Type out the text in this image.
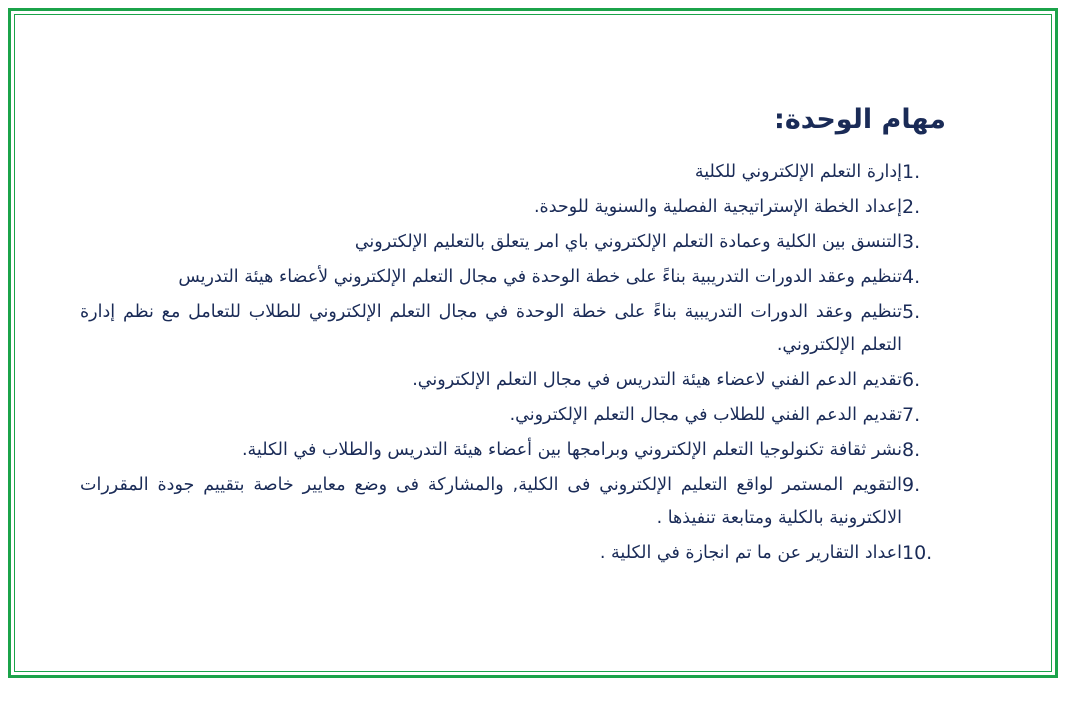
مهام الوحدة:
1.
إدارة التعلم الإلكتروني للكلية
2.
إعداد الخطة الإستراتيجية الفصلية والسنوية للوحدة.
3.
التنسق بين الكلية وعمادة التعلم الإلكتروني باي امر يتعلق بالتعليم الإلكتروني
4.
تنظيم وعقد الدورات التدريبية بناءً على خطة الوحدة في مجال التعلم الإلكتروني لأعضاء هيئة التدريس
5.
تنظيم وعقد الدورات التدريبية بناءً على خطة الوحدة في مجال التعلم الإلكتروني للطلاب للتعامل مع نظم إدارة التعلم الإلكتروني.
6.
تقديم الدعم الفني لاعضاء هيئة التدريس في مجال التعلم الإلكتروني.
7.
تقديم الدعم الفني للطلاب في مجال التعلم الإلكتروني.
8.
نشر ثقافة تكنولوجيا التعلم الإلكتروني وبرامجها بين أعضاء هيئة التدريس والطلاب في الكلية.
9.
التقويم المستمر لواقع التعليم الإلكتروني فى الكلية, والمشاركة فى وضع معايير خاصة بتقييم جودة المقررات الالكترونية بالكلية ومتابعة تنفيذها .
10.
اعداد التقارير عن ما تم انجازة في الكلية .
